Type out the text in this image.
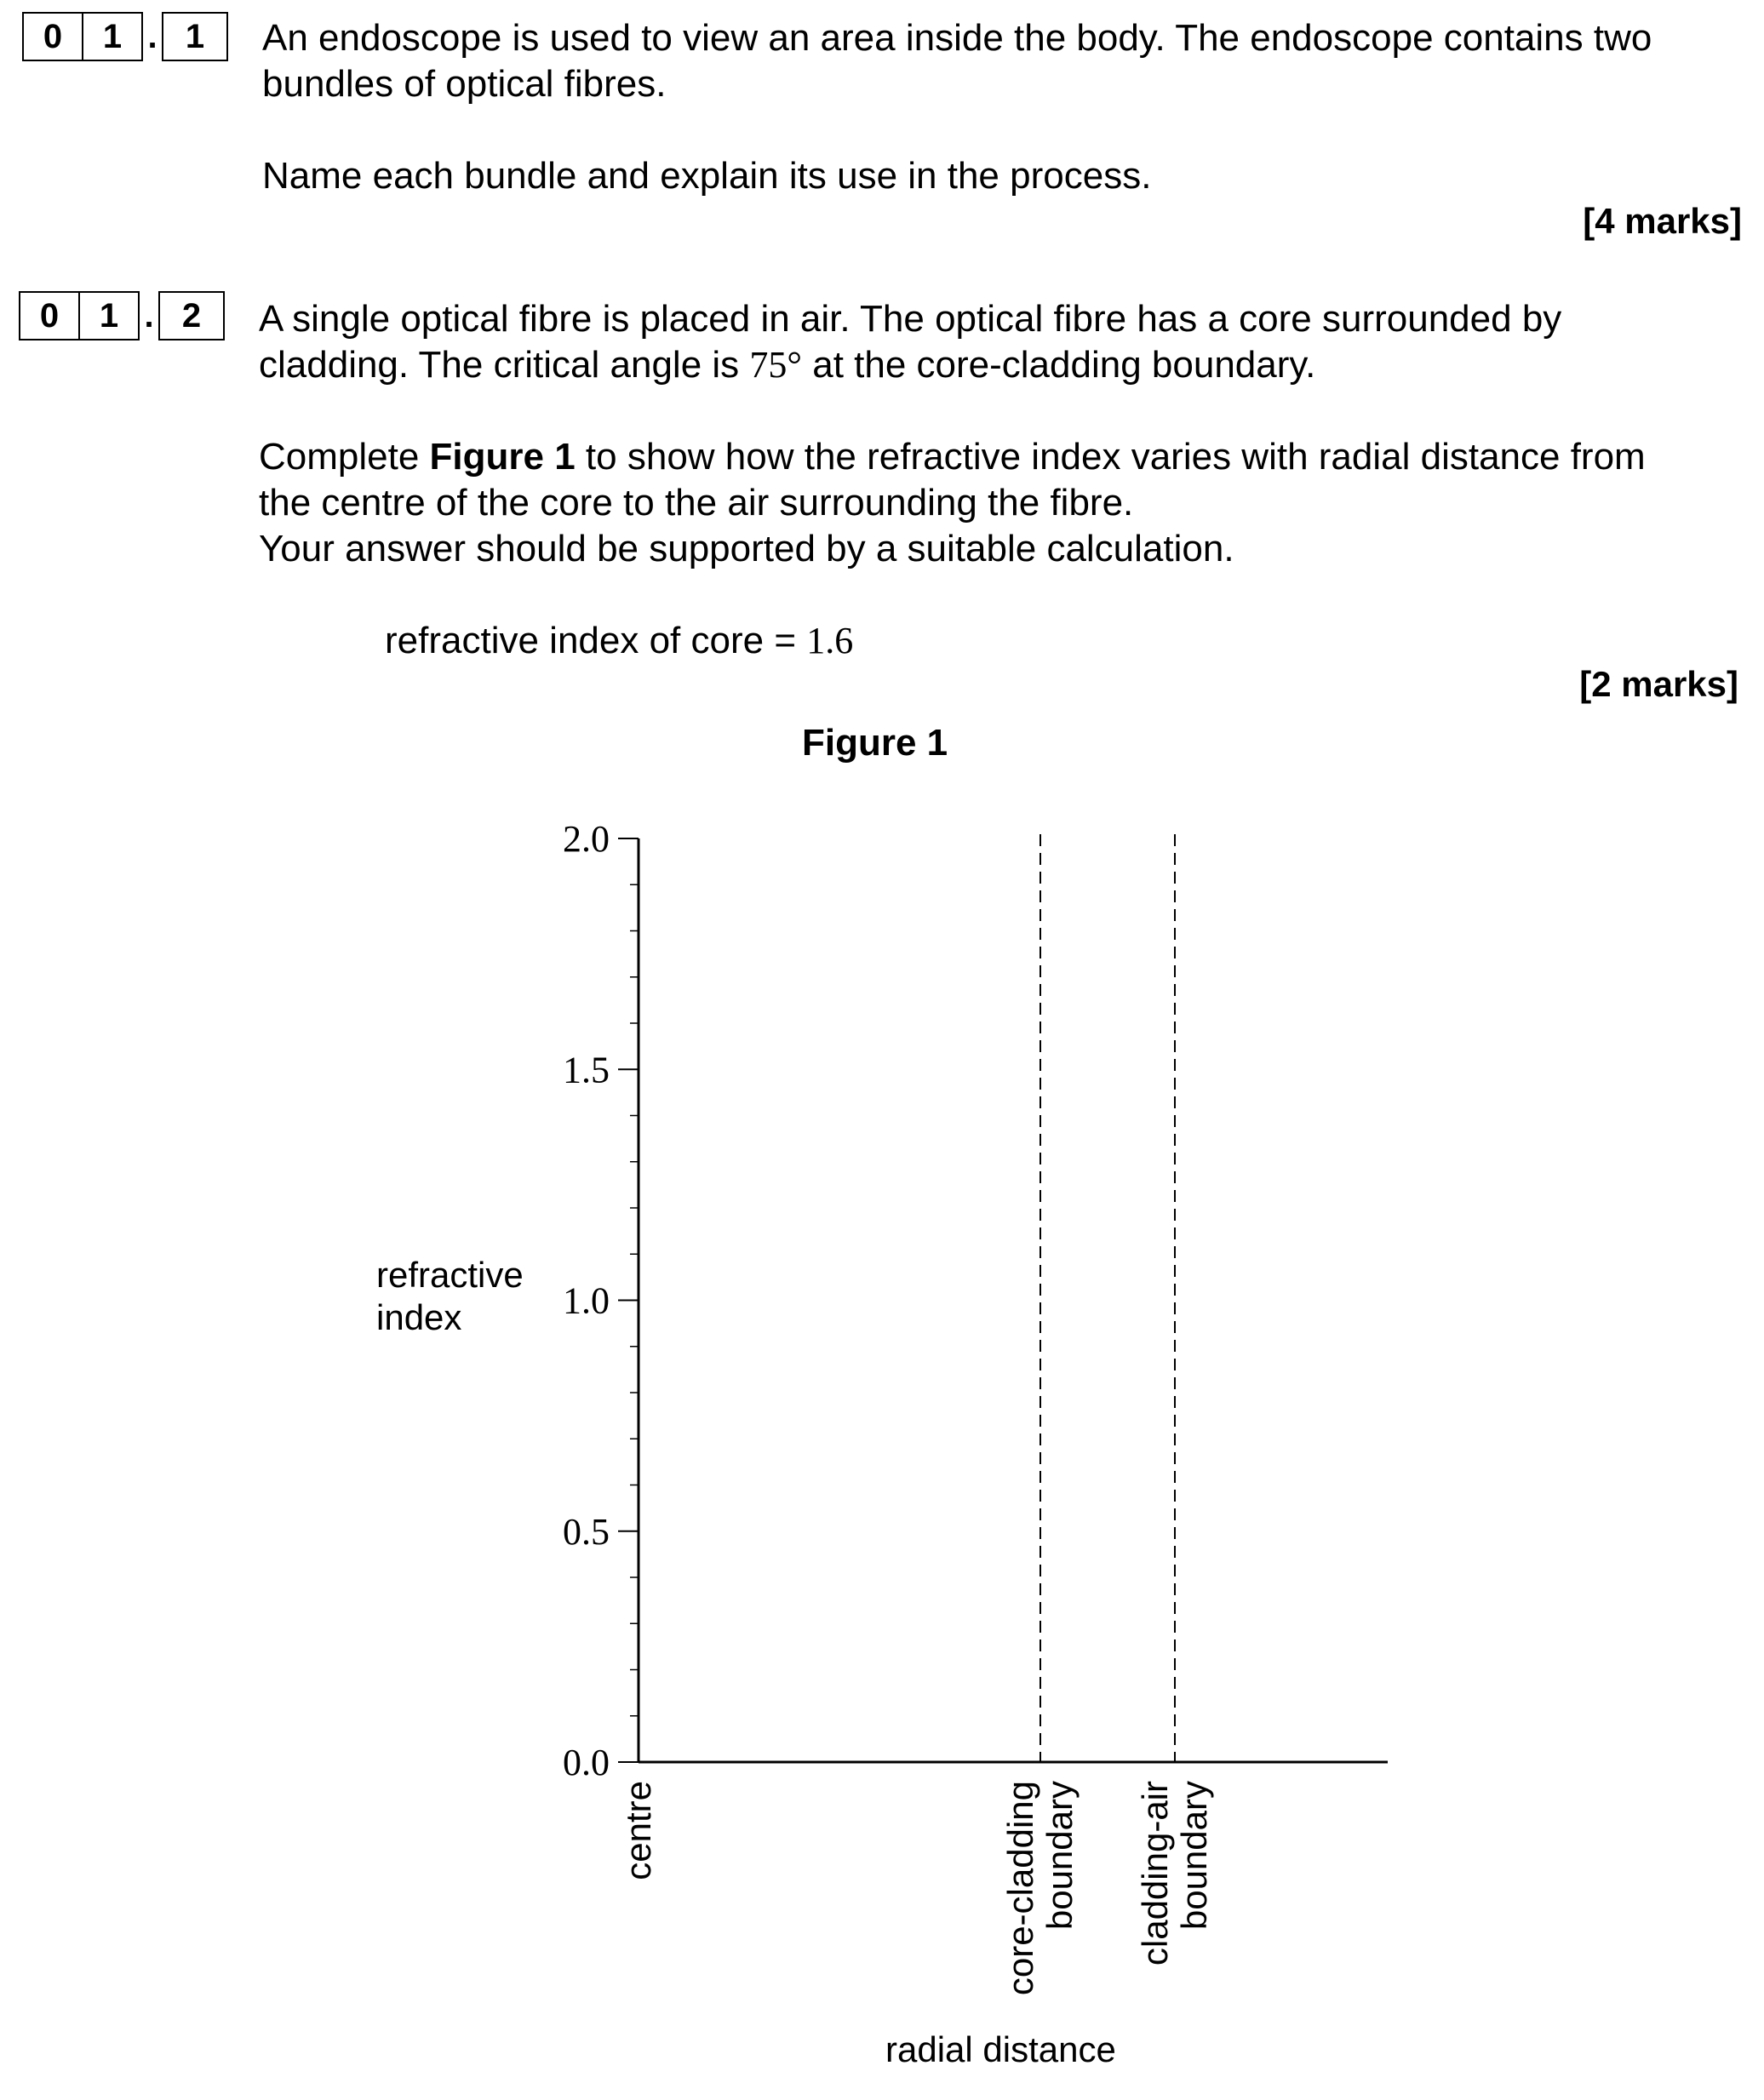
0	1 . 1	An endoscope is used to view an area inside the body. The endoscope contains two
bundles of optical fibres.
Name each bundle and explain its use in the process.
[4 marks]
0	1 . 2	A single optical fibre is placed in air. The optical fibre has a core surrounded by
cladding. The critical angle is 75° at the core-cladding boundary.
Complete Figure 1 to show how the refractive index varies with radial distance from
the centre of the core to the air surrounding the fibre.
Your answer should be supported by a suitable calculation.
refractive index of core = 1.6
[2 marks]
Figure 1
0.0
0.5
1.0
1.5
2.0
centre	core-cladding boundary cladding-air boundary
refractive
index
radial distance
